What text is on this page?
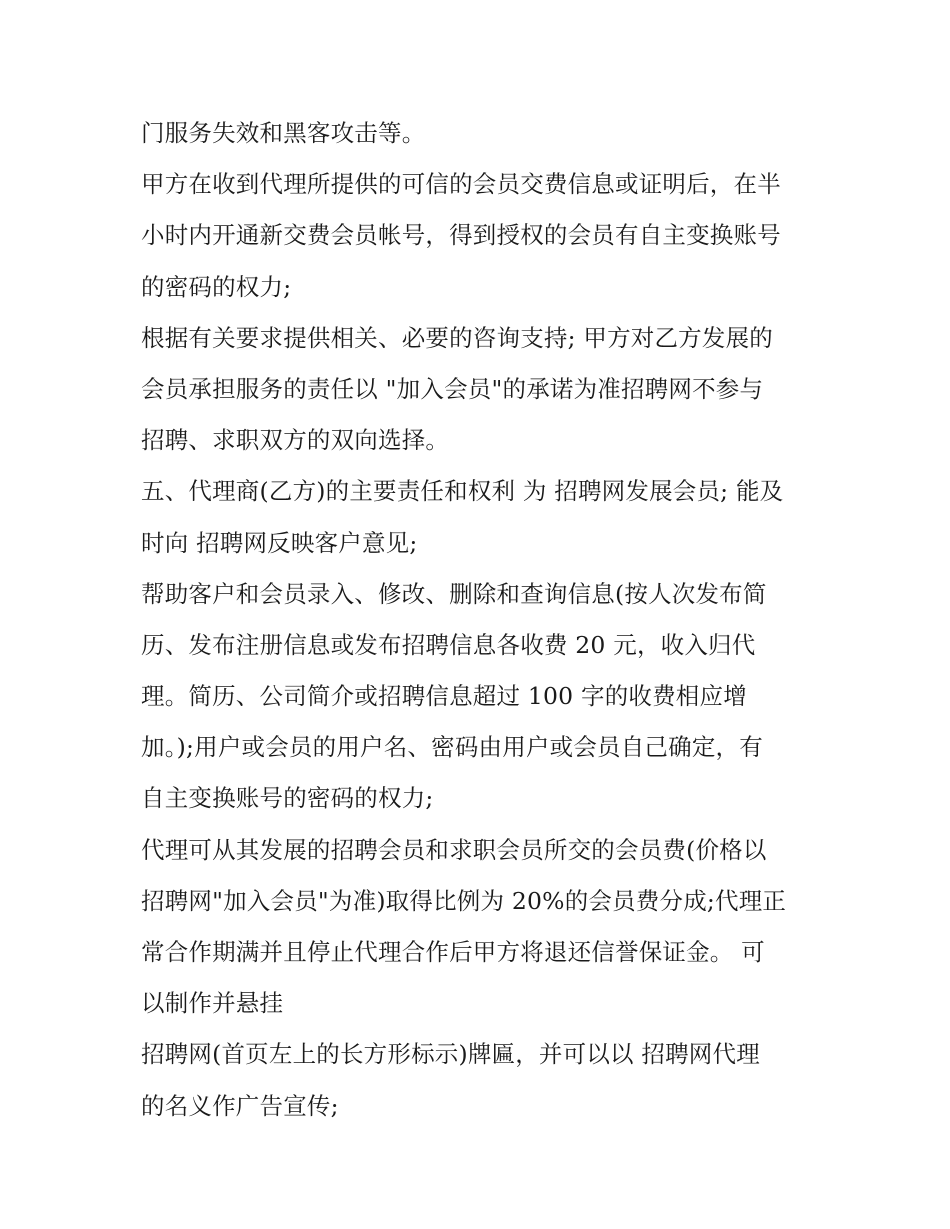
门服务失效和黑客攻击等。
甲方在收到代理所提供的可信的会员交费信息或证明后，在半
小时内开通新交费会员帐号，得到授权的会员有自主变换账号
的密码的权力;
根据有关要求提供相关、必要的咨询支持; 甲方对乙方发展的
会员承担服务的责任以 "加入会员"的承诺为准招聘网不参与
招聘、求职双方的双向选择。
五、代理商(乙方)的主要责任和权利 为 招聘网发展会员; 能及
时向 招聘网反映客户意见;
帮助客户和会员录入、修改、删除和查询信息(按人次发布简
历、发布注册信息或发布招聘信息各收费 20 元，收入归代
理。简历、公司简介或招聘信息超过 100 字的收费相应增
加。);用户或会员的用户名、密码由用户或会员自己确定，有
自主变换账号的密码的权力;
代理可从其发展的招聘会员和求职会员所交的会员费(价格以
招聘网"加入会员"为准)取得比例为 20%的会员费分成;代理正
常合作期满并且停止代理合作后甲方将退还信誉保证金。 可
以制作并悬挂
招聘网(首页左上的长方形标示)牌匾，并可以以 招聘网代理
的名义作广告宣传;
